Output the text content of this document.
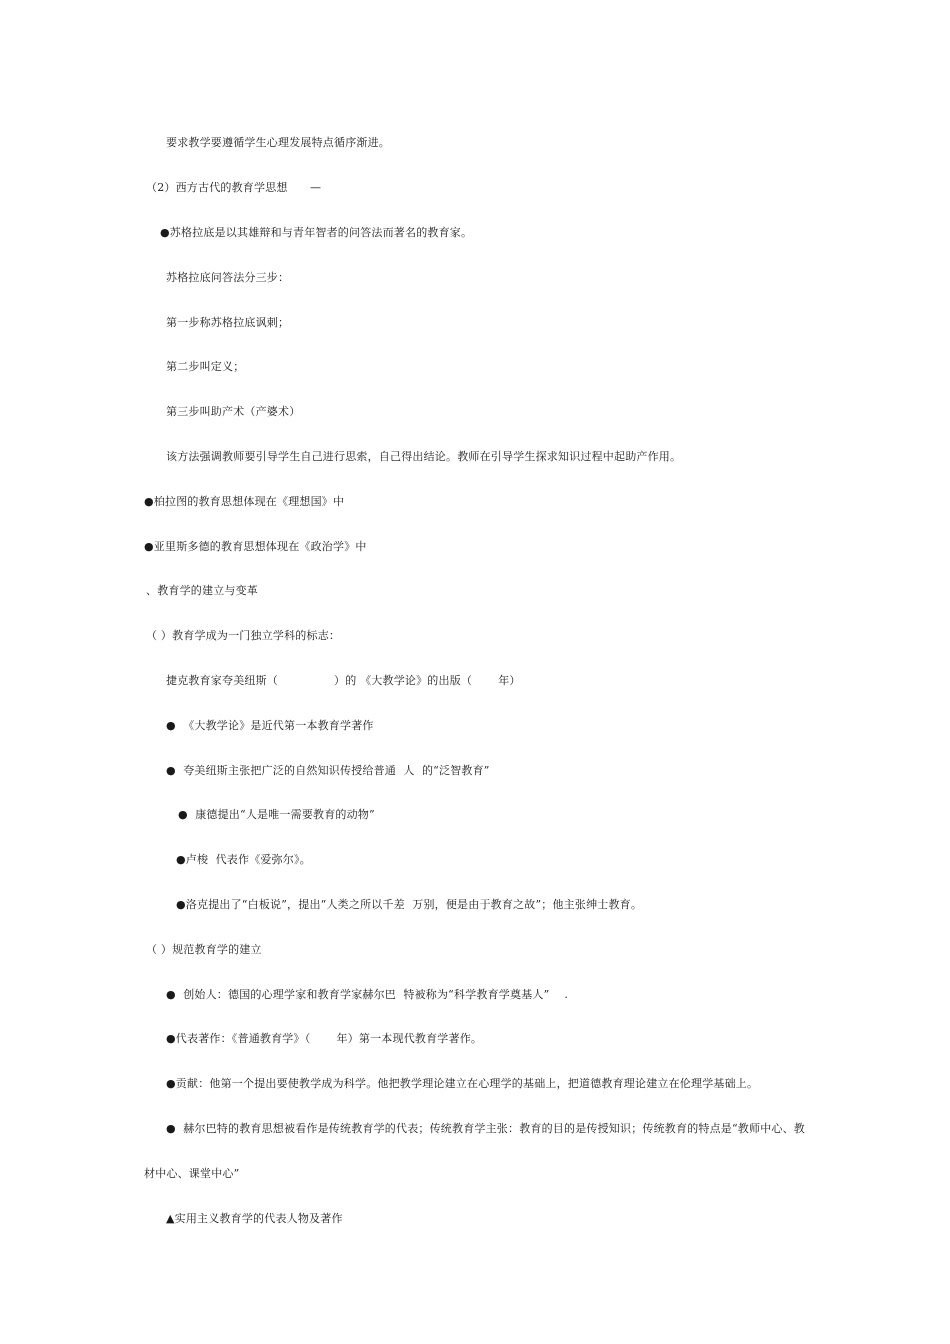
要求教学要遵循学生心理发展特点循序渐进。
（2）西方古代的教育学思想　　—
●苏格拉底是以其雄辩和与青年智者的问答法而著名的教育家。
苏格拉底问答法分三步：
第一步称苏格拉底讽刺；
第二步叫定义；
第三步叫助产术（产婆术）
该方法强调教师要引导学生自己进行思索，自己得出结论。教师在引导学生探求知识过程中起助产作用。
●柏拉图的教育思想体现在《理想国》中
●亚里斯多德的教育思想体现在《政治学》中
、教育学的建立与变革
（ ）教育学成为一门独立学科的标志：
捷克教育家夸美纽斯（　　　　　）的 《大教学论》的出版（　　 年）
●  《大教学论》是近代第一本教育学著作
●  夸美纽斯主张把广泛的自然知识传授给普通  人  的“泛智教育”
●  康德提出“人是唯一需要教育的动物”
●卢梭  代表作《爱弥尔》。
●洛克提出了“白板说”，提出“人类之所以千差  万别，便是由于教育之故”；他主张绅士教育。
（ ）规范教育学的建立
●  创始人：德国的心理学家和教育学家赫尔巴  特被称为“科学教育学奠基人”　 .
●代表著作：《普通教育学》（　　 年）第一本现代教育学著作。
●贡献：他第一个提出要使教学成为科学。他把教学理论建立在心理学的基础上，把道德教育理论建立在伦理学基础上。
●  赫尔巴特的教育思想被看作是传统教育学的代表；传统教育学主张：教育的目的是传授知识；传统教育的特点是“教师中心、教
材中心、课堂中心”
▲实用主义教育学的代表人物及著作
